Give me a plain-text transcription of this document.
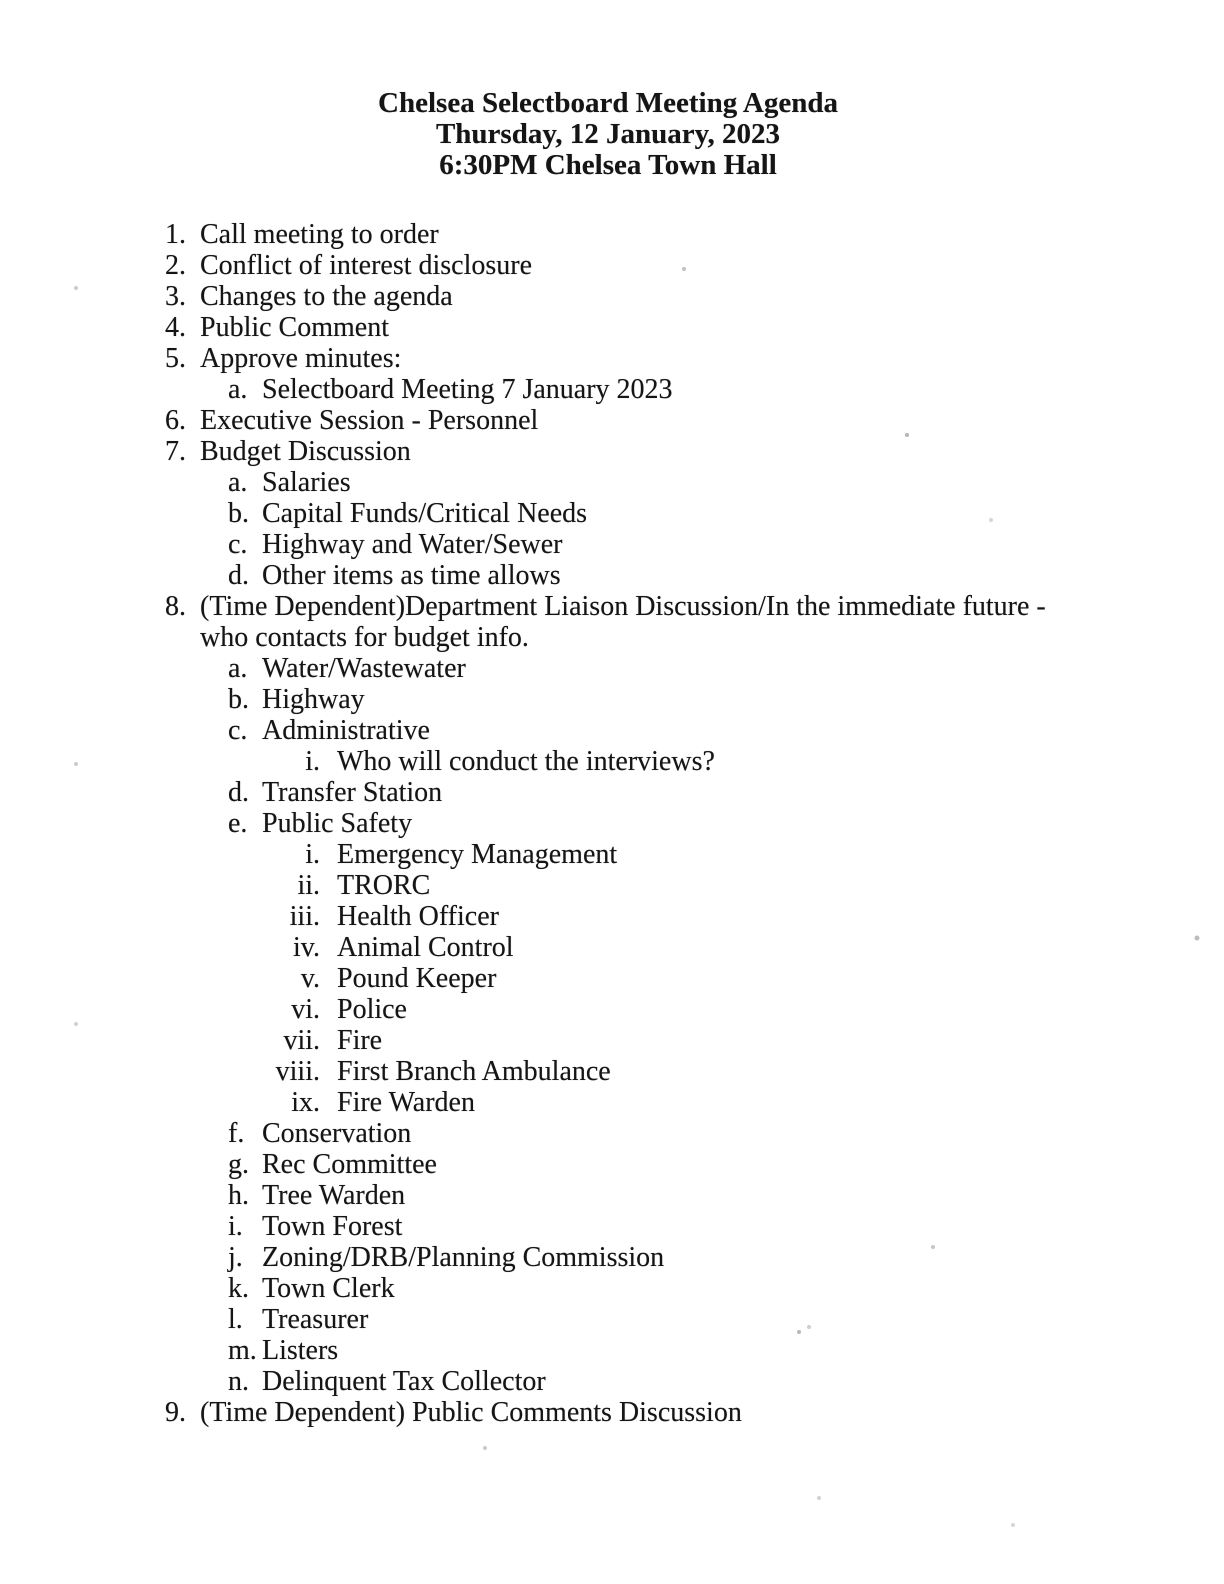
Chelsea Selectboard Meeting Agenda
Thursday, 12 January, 2023
6:30PM Chelsea Town Hall
1. Call meeting to order
2. Conflict of interest disclosure
3. Changes to the agenda
4. Public Comment
5. Approve minutes:
a. Selectboard Meeting 7 January 2023
6. Executive Session - Personnel
7. Budget Discussion
a. Salaries
b. Capital Funds/Critical Needs
c. Highway and Water/Sewer
d. Other items as time allows
8. (Time Dependent)Department Liaison Discussion/In the immediate future -
who contacts for budget info.
a. Water/Wastewater
b. Highway
c. Administrative
i. Who will conduct the interviews?
d. Transfer Station
e. Public Safety
i. Emergency Management
ii. TRORC
iii. Health Officer
iv. Animal Control
v. Pound Keeper
vi. Police
vii. Fire
viii. First Branch Ambulance
ix. Fire Warden
f. Conservation
g. Rec Committee
h. Tree Warden
i. Town Forest
j. Zoning/DRB/Planning Commission
k. Town Clerk
l. Treasurer
m. Listers
n. Delinquent Tax Collector
9. (Time Dependent) Public Comments Discussion
